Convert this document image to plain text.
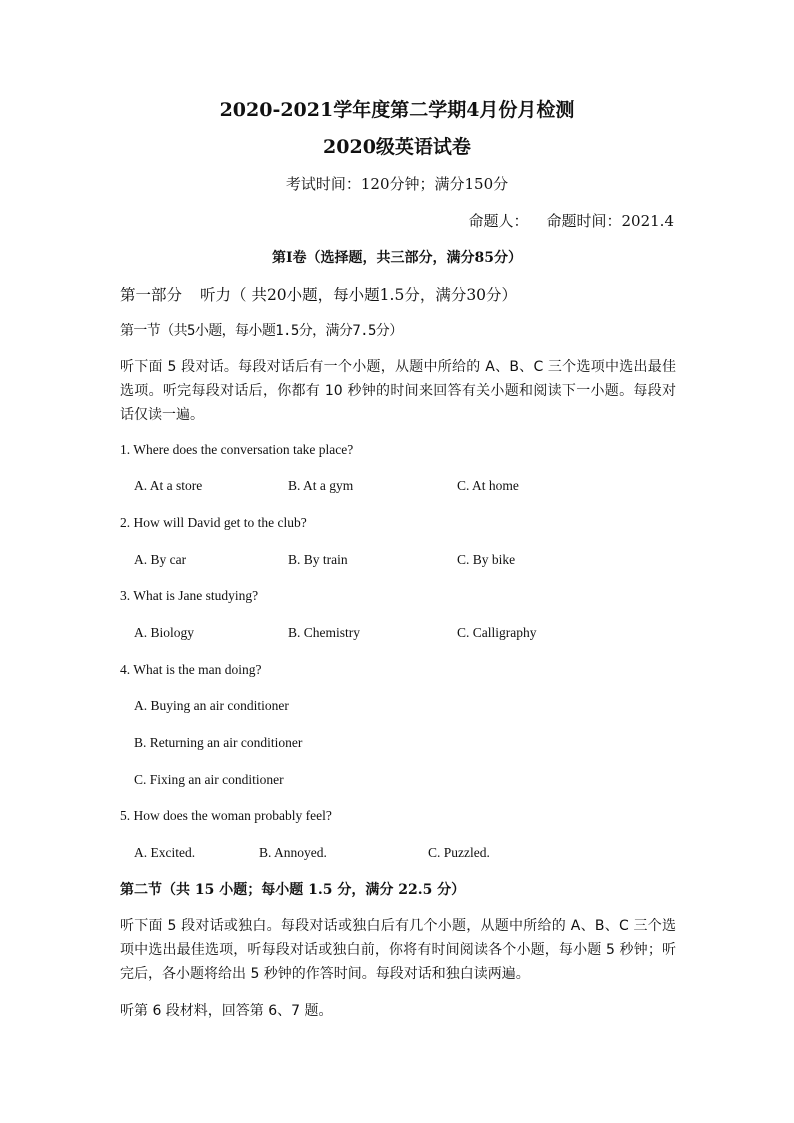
2020-2021学年度第二学期4月份月检测
2020级英语试卷
考试时间：120分钟；满分150分
命题人： 命题时间：2021.4
第Ⅰ卷（选择题，共三部分，满分85分）
第一部分 听力（ 共20小题，每小题1.5分，满分30分）
第一节（共5小题，每小题1.5分，满分7.5分）
听下面 5 段对话。每段对话后有一个小题，从题中所给的 A、B、C 三个选项中选出最佳选项。听完每段对话后，你都有 10 秒钟的时间来回答有关小题和阅读下一小题。每段对话仅读一遍。
1. Where does the conversation take place?
A. At a store	B. At a gym	C. At home
2. How will David get to the club?
A. By car	B. By train	C. By bike
3. What is Jane studying?
A. Biology	B. Chemistry	C. Calligraphy
4. What is the man doing?
A. Buying an air conditioner
B. Returning an air conditioner
C. Fixing an air conditioner
5. How does the woman probably feel?
A. Excited.	B. Annoyed.	C. Puzzled.
第二节（共 15 小题；每小题 1.5 分，满分 22.5 分）
听下面 5 段对话或独白。每段对话或独白后有几个小题，从题中所给的 A、B、C 三个选项中选出最佳选项，听每段对话或独白前，你将有时间阅读各个小题，每小题 5 秒钟；听完后，各小题将给出 5 秒钟的作答时间。每段对话和独白读两遍。
听第 6 段材料，回答第 6、7 题。
